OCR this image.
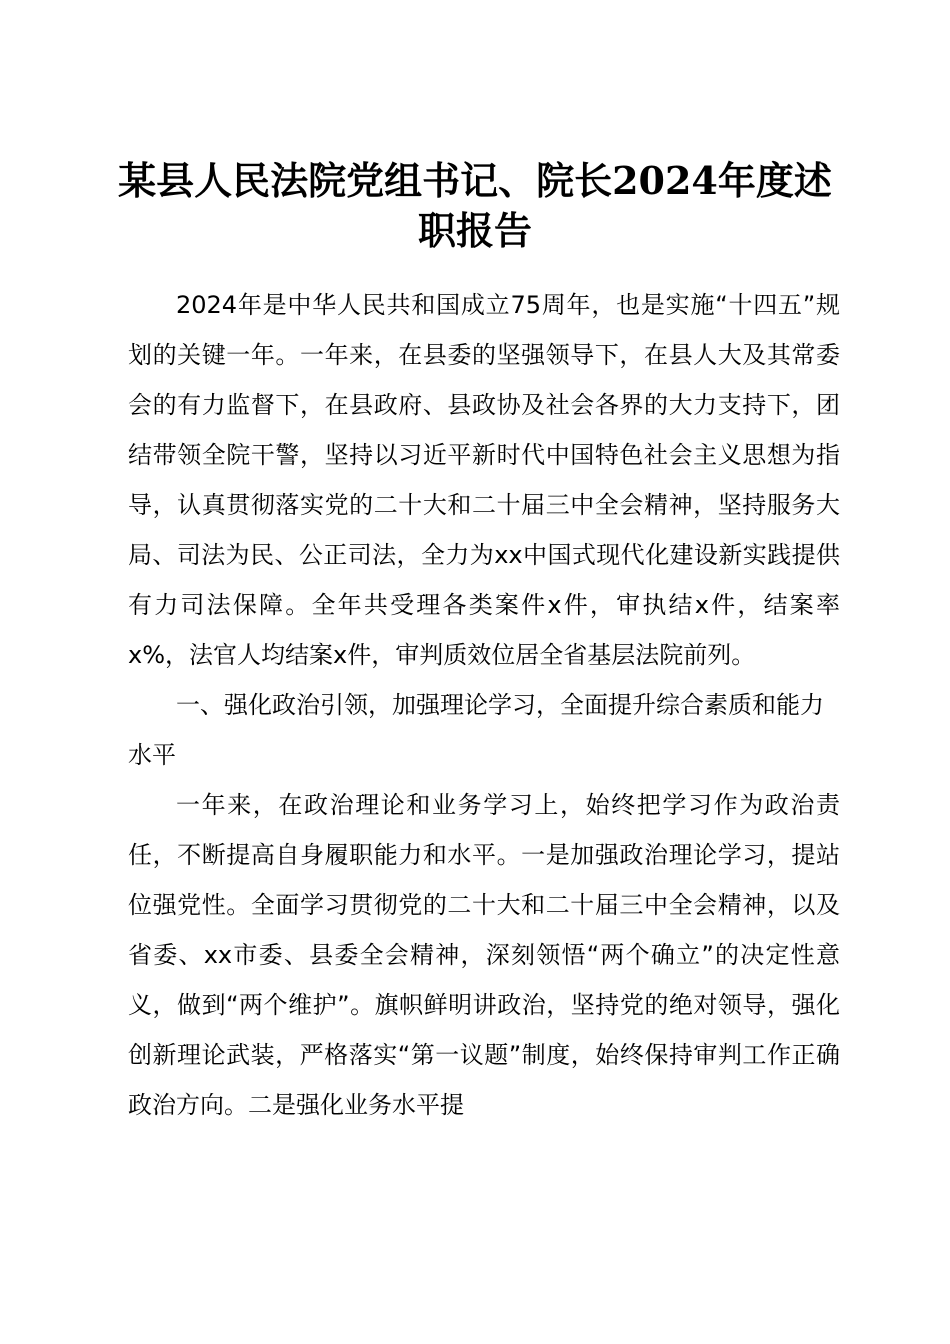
某县人民法院党组书记、院长2024年度述职报告

2024年是中华人民共和国成立75周年，也是实施“十四五”规划的关键一年。一年来，在县委的坚强领导下，在县人大及其常委会的有力监督下，在县政府、县政协及社会各界的大力支持下，团结带领全院干警，坚持以习近平新时代中国特色社会主义思想为指导，认真贯彻落实党的二十大和二十届三中全会精神，坚持服务大局、司法为民、公正司法，全力为xx中国式现代化建设新实践提供有力司法保障。全年共受理各类案件x件，审执结x件，结案率x%，法官人均结案x件，审判质效位居全省基层法院前列。

一、强化政治引领，加强理论学习，全面提升综合素质和能力水平

一年来，在政治理论和业务学习上，始终把学习作为政治责任，不断提高自身履职能力和水平。一是加强政治理论学习，提站位强党性。全面学习贯彻党的二十大和二十届三中全会精神，以及省委、xx市委、县委全会精神，深刻领悟“两个确立”的决定性意义，做到“两个维护”。旗帜鲜明讲政治，坚持党的绝对领导，强化创新理论武装，严格落实“第一议题”制度，始终保持审判工作正确政治方向。二是强化业务水平提
